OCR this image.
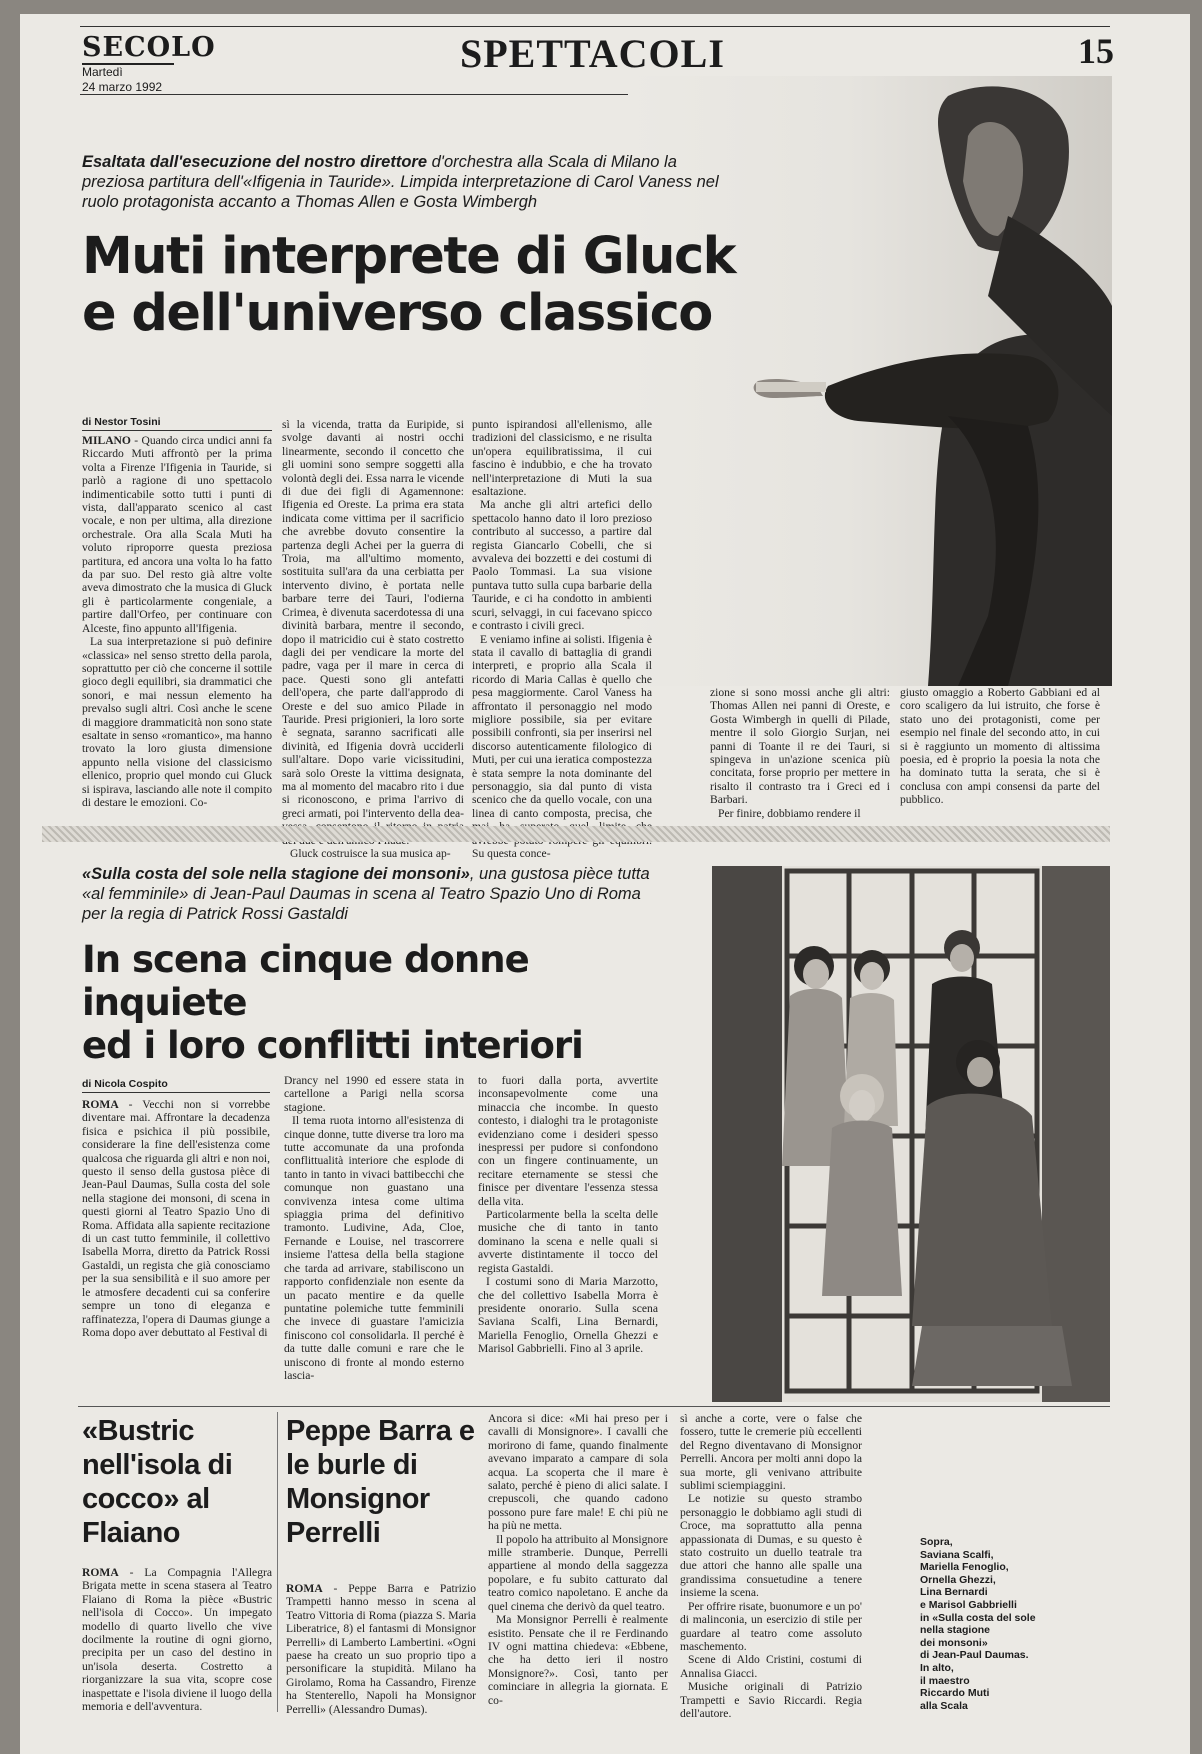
SECOLO
Martedì
24 marzo 1992
SPETTACOLI	15
Esaltata dall'esecuzione del nostro direttore d'orchestra alla Scala di Milano la preziosa partitura dell'«Ifigenia in Tauride». Limpida interpretazione di Carol Vaness nel ruolo protagonista accanto a Thomas Allen e Gosta Wimbergh
Muti interprete di Gluck
e dell'universo classico
di Nestor Tosini

MILANO - Quando circa undici anni fa Riccardo Muti affrontò per la prima volta a Firenze l'Ifigenia in Tauride, si parlò a ragione di uno spettacolo indimenticabile sotto tutti i punti di vista, dall'apparato scenico al cast vocale, e non per ultima, alla direzione orchestrale. Ora alla Scala Muti ha voluto riproporre questa preziosa partitura, ed ancora una volta lo ha fatto da par suo. Del resto già altre volte aveva dimostrato che la musica di Gluck gli è particolarmente congeniale, a partire dall'Orfeo, per continuare con Alceste, fino appunto all'Ifigenia.

La sua interpretazione si può definire «classica» nel senso stretto della parola, soprattutto per ciò che concerne il sottile gioco degli equilibri, sia drammatici che sonori, e mai nessun elemento ha prevalso sugli altri. Così anche le scene di maggiore drammaticità non sono state esaltate in senso «romantico», ma hanno trovato la loro giusta dimensione appunto nella visione del classicismo ellenico, proprio quel mondo cui Gluck si ispirava, lasciando alle note il compito di destare le emozioni. Co-

sì la vicenda, tratta da Euripide, si svolge davanti ai nostri occhi linearmente, secondo il concetto che gli uomini sono sempre soggetti alla volontà degli dei. Essa narra le vicende di due dei figli di Agamennone: Ifigenia ed Oreste. La prima era stata indicata come vittima per il sacrificio che avrebbe dovuto consentire la partenza degli Achei per la guerra di Troia, ma all'ultimo momento, sostituita sull'ara da una cerbiatta per intervento divino, è portata nelle barbare terre dei Tauri, l'odierna Crimea, è divenuta sacerdotessa di una divinità barbara, mentre il secondo, dopo il matricidio cui è stato costretto dagli dei per vendicare la morte del padre, vaga per il mare in cerca di pace. Questi sono gli antefatti dell'opera, che parte dall'approdo di Oreste e del suo amico Pilade in Tauride. Presi prigionieri, la loro sorte è segnata, saranno sacrificati alle divinità, ed Ifigenia dovrà ucciderli sull'altare. Dopo varie vicissitudini, sarà solo Oreste la vittima designata, ma al momento del macabro rito i due si riconoscono, e prima l'arrivo di greci armati, poi l'intervento della dea-

Gluck costruisce la sua musica ap-

punto ispirandosi all'ellenismo, alle tradizioni del classicismo, e ne risulta un'opera equilibratissima, il cui fascino è indubbio, e che ha trovato nell'interpretazione di Muti la sua esaltazione.

Ma anche gli altri artefici dello spettacolo hanno dato il loro prezioso contributo al successo, a partire dal regista Giancarlo Cobelli, che si avvaleva dei bozzetti e dei costumi di Paolo Tommasi. La sua visione puntava tutto sulla cupa barbarie della Tauride, e ci ha condotto in ambienti scuri, selvaggi, in cui facevano spicco e contrasto i civili greci.

E veniamo infine ai solisti. Ifigenia è stata il cavallo di battaglia di grandi interpreti, e proprio alla Scala il ricordo di Maria Callas è quello che pesa maggiormente. Carol Vaness ha affrontato il personaggio nel modo migliore possibile, sia per evitare possibili confronti, sia per inserirsi nel discorso autenticamente filologico di Muti, per cui una ieratica compostezza è stata sempre la nota dominante del personaggio, sia dal punto di vista scenico che da quello vocale, con una linea di canto composta, precisa, che Su questa conce-

zione si sono mossi anche gli altri: Thomas Allen nei panni di Oreste, e Gosta Wimbergh in quelli di Pilade, mentre il solo Giorgio Surjan, nei panni di Toante il re dei Tauri, si spingeva in un'azione scenica più concitata, forse proprio per mettere in risalto il contrasto tra i Greci ed i Barbari.

Per finire, dobbiamo rendere il

giusto omaggio a Roberto Gabbiani ed al coro scaligero da lui istruito, che forse è stato uno dei protagonisti, come per esempio nel finale del secondo atto, in cui si è raggiunto un momento di altissima poesia, ed è proprio la poesia la nota che ha dominato tutta la serata, che si è conclusa con ampi consensi da parte del pubblico.

«Sulla costa del sole nella stagione dei monsoni», una gustosa pièce tutta «al femminile» di Jean-Paul Daumas in scena al Teatro Spazio Uno di Roma per la regia di Patrick Rossi Gastaldi
In scena cinque donne inquiete
ed i loro conflitti interiori
di Nicola Cospito

ROMA - Vecchi non si vorrebbe diventare mai. Affrontare la decadenza fisica e psichica il più possibile, considerare la fine dell'esistenza come qualcosa che riguarda gli altri e non noi, questo il senso della gustosa pièce di Jean-Paul Daumas, Sulla costa del sole nella stagione dei monsoni, di scena in questi giorni al Teatro Spazio Uno di Roma. Affidata alla sapiente recitazione di un cast tutto femminile, il collettivo Isabella Morra, diretto da Patrick Rossi Gastaldi, un regista che già conosciamo per la sua sensibilità e il suo amore per le atmosfere decadenti cui sa conferire sempre un tono di eleganza e raffinatezza, l'opera di Daumas giunge a Roma dopo aver debuttato al Festival di

Drancy nel 1990 ed essere stata in cartellone a Parigi nella scorsa stagione.

Il tema ruota intorno all'esistenza di cinque donne, tutte diverse tra loro ma tutte accomunate da una profonda conflittualità interiore che esplode di tanto in tanto in vivaci battibecchi che comunque non guastano una convivenza intesa come ultima spiaggia prima del definitivo tramonto. Ludivine, Ada, Cloe, Fernande e Louise, nel trascorrere insieme l'attesa della bella stagione che tarda ad arrivare, stabiliscono un rapporto confidenziale non esente da un pacato mentire e da quelle puntatine polemiche tutte femminili che invece di guastare l'amicizia finiscono col consolidarla. Il perché è da tutte dalle comuni e rare che le uniscono di fronte al mondo esterno lascia-

to fuori dalla porta, avvertite inconsapevolmente come una minaccia che incombe. In questo contesto, i dialoghi tra le protagoniste evidenziano come i desideri spesso inespressi per pudore si confondono con un fingere continuamente, un recitare eternamente se stessi che finisce per diventare l'essenza stessa della vita.

Particolarmente bella la scelta delle musiche che di tanto in tanto dominano la scena e nelle quali si avverte distintamente il tocco del regista Gastaldi.

I costumi sono di Maria Marzotto, che del collettivo Isabella Morra è presidente onorario. Sulla scena Saviana Scalfi, Lina Bernardi, Mariella Fenoglio, Ornella Ghezzi e Marisol Gabbrielli. Fino al 3 aprile.

«Bustric nell'isola di cocco» al Flaiano

ROMA - La Compagnia l'Allegra Brigata mette in scena stasera al Teatro Flaiano di Roma la pièce «Bustric nell'isola di Cocco». Un impegato modello di quarto livello che vive docilmente la routine di ogni giorno, precipita per un caso del destino in un'isola deserta. Costretto a riorganizzare la sua vita, scopre cose inaspettate e l'isola diviene il luogo della memoria e dell'avventura.

Peppe Barra e le burle di Monsignor Perrelli

ROMA - Peppe Barra e Patrizio Trampetti hanno messo in scena al Teatro Vittoria di Roma (piazza S. Maria Liberatrice, 8) el fantasmi di Monsignor Perrelli» di Lamberto Lambertini. «Ogni paese ha creato un suo proprio tipo a personificare la stupidità. Milano ha Girolamo, Roma ha Cassandro, Firenze ha Stenterello, Napoli ha Monsignor Perrelli» (Alessandro Dumas).

Ancora si dice: «Mi hai preso per i cavalli di Monsignore». I cavalli che morirono di fame, quando finalmente avevano imparato a campare di sola acqua. La scoperta che il mare è salato, perché è pieno di alici salate. I crepuscoli, che quando cadono possono pure fare male! E chi più ne ha più ne metta.

Il popolo ha attribuito al Monsignore mille stramberie. Dunque, Perrelli appartiene al mondo della saggezza popolare, e fu subito catturato dal teatro comico napoletano. E anche da quel cinema che derivò da quel teatro.

Ma Monsignor Perrelli è realmente esistito. Pensate che il re Ferdinando IV ogni mattina chiedeva: «Ebbene, che ha detto ieri il nostro Monsignore?». Così, tanto per cominciare in allegria la giornata. E co-

sì anche a corte, vere o false che fossero, tutte le cremerie più eccellenti del Regno diventavano di Monsignor Perrelli. Ancora per molti anni dopo la sua morte, gli venivano attribuite sublimi sciempiaggini.

Le notizie su questo strambo personaggio le dobbiamo agli studi di Croce, ma soprattutto alla penna appassionata di Dumas, e su questo è stato costruito un duello teatrale tra due attori che hanno alle spalle una grandissima consuetudine a tenere insieme la scena.

Per offrire risate, buonumore e un po' di malinconia, un esercizio di stile per guardare al teatro come assoluto maschemento.

Scene di Aldo Cristini, costumi di Annalisa Giacci.

Musiche originali di Patrizio Trampetti e Savio Riccardi. Regia dell'autore.

Sopra,
Saviana Scalfi,
Mariella Fenoglio,
Ornella Ghezzi,
Lina Bernardi
e Marisol Gabbrielli
in «Sulla costa del sole
nella stagione
dei monsoni»
di Jean-Paul Daumas.
In alto,
il maestro
Riccardo Muti
alla Scala
